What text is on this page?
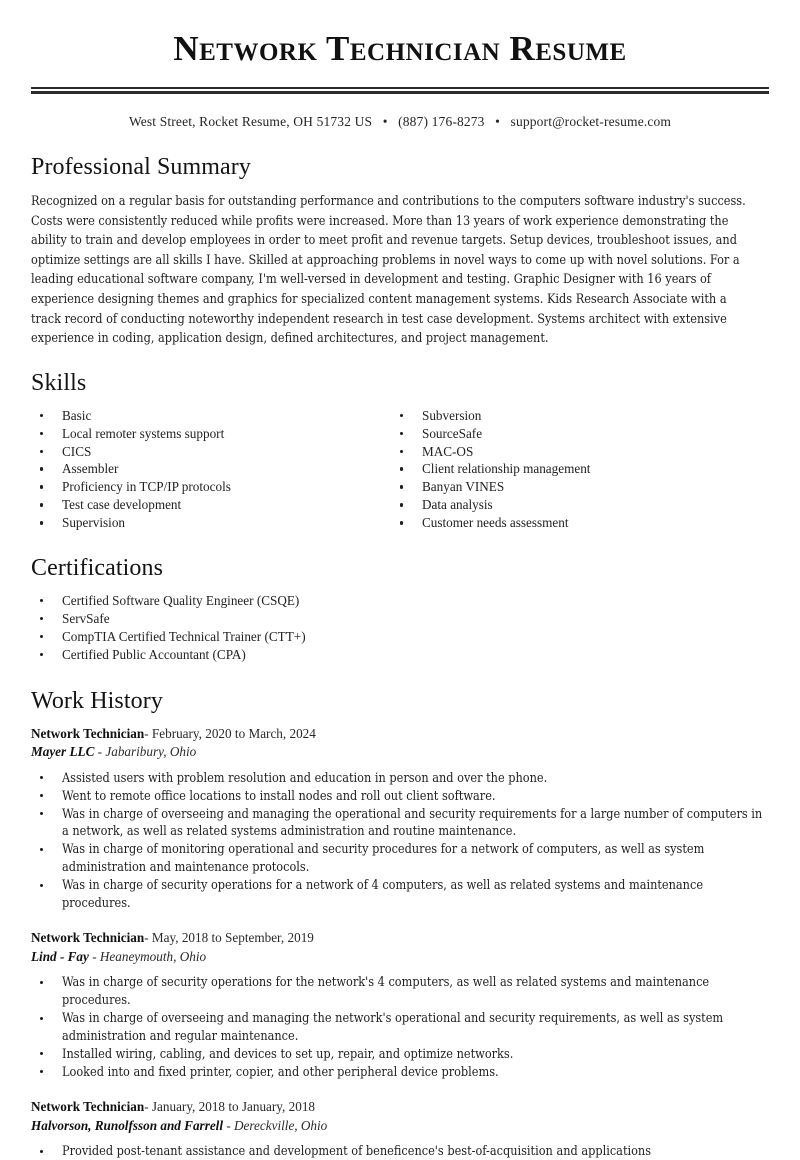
Network Technician Resume
West Street, Rocket Resume, OH 51732 US • (887) 176-8273 • support@rocket-resume.com
Professional Summary

Recognized on a regular basis for outstanding performance and contributions to the computers software industry's success. Costs were consistently reduced while profits were increased. More than 13 years of work experience demonstrating the ability to train and develop employees in order to meet profit and revenue targets. Setup devices, troubleshoot issues, and optimize settings are all skills I have. Skilled at approaching problems in novel ways to come up with novel solutions. For a leading educational software company, I'm well-versed in development and testing. Graphic Designer with 16 years of experience designing themes and graphics for specialized content management systems. Kids Research Associate with a track record of conducting noteworthy independent research in test case development. Systems architect with extensive experience in coding, application design, defined architectures, and project management.

Skills
Basic
Local remoter systems support
CICS
Assembler
Proficiency in TCP/IP protocols
Test case development
Supervision
Subversion
SourceSafe
MAC-OS
Client relationship management
Banyan VINES
Data analysis
Customer needs assessment
Certifications
Certified Software Quality Engineer (CSQE)
ServSafe
CompTIA Certified Technical Trainer (CTT+)
Certified Public Accountant (CPA)
Work History
Network Technician- February, 2020 to March, 2024
Mayer LLC - Jabaribury, Ohio
Assisted users with problem resolution and education in person and over the phone.
Went to remote office locations to install nodes and roll out client software.
Was in charge of overseeing and managing the operational and security requirements for a large number of computers in a network, as well as related systems administration and routine maintenance.
Was in charge of monitoring operational and security procedures for a network of computers, as well as system administration and maintenance protocols.
Was in charge of security operations for a network of 4 computers, as well as related systems and maintenance procedures.
Network Technician- May, 2018 to September, 2019
Lind - Fay - Heaneymouth, Ohio
Was in charge of security operations for the network's 4 computers, as well as related systems and maintenance procedures.
Was in charge of overseeing and managing the network's operational and security requirements, as well as system administration and regular maintenance.
Installed wiring, cabling, and devices to set up, repair, and optimize networks.
Looked into and fixed printer, copier, and other peripheral device problems.
Network Technician- January, 2018 to January, 2018
Halvorson, Runolfsson and Farrell - Dereckville, Ohio
Provided post-tenant assistance and development of beneficence's best-of-acquisition and applications
